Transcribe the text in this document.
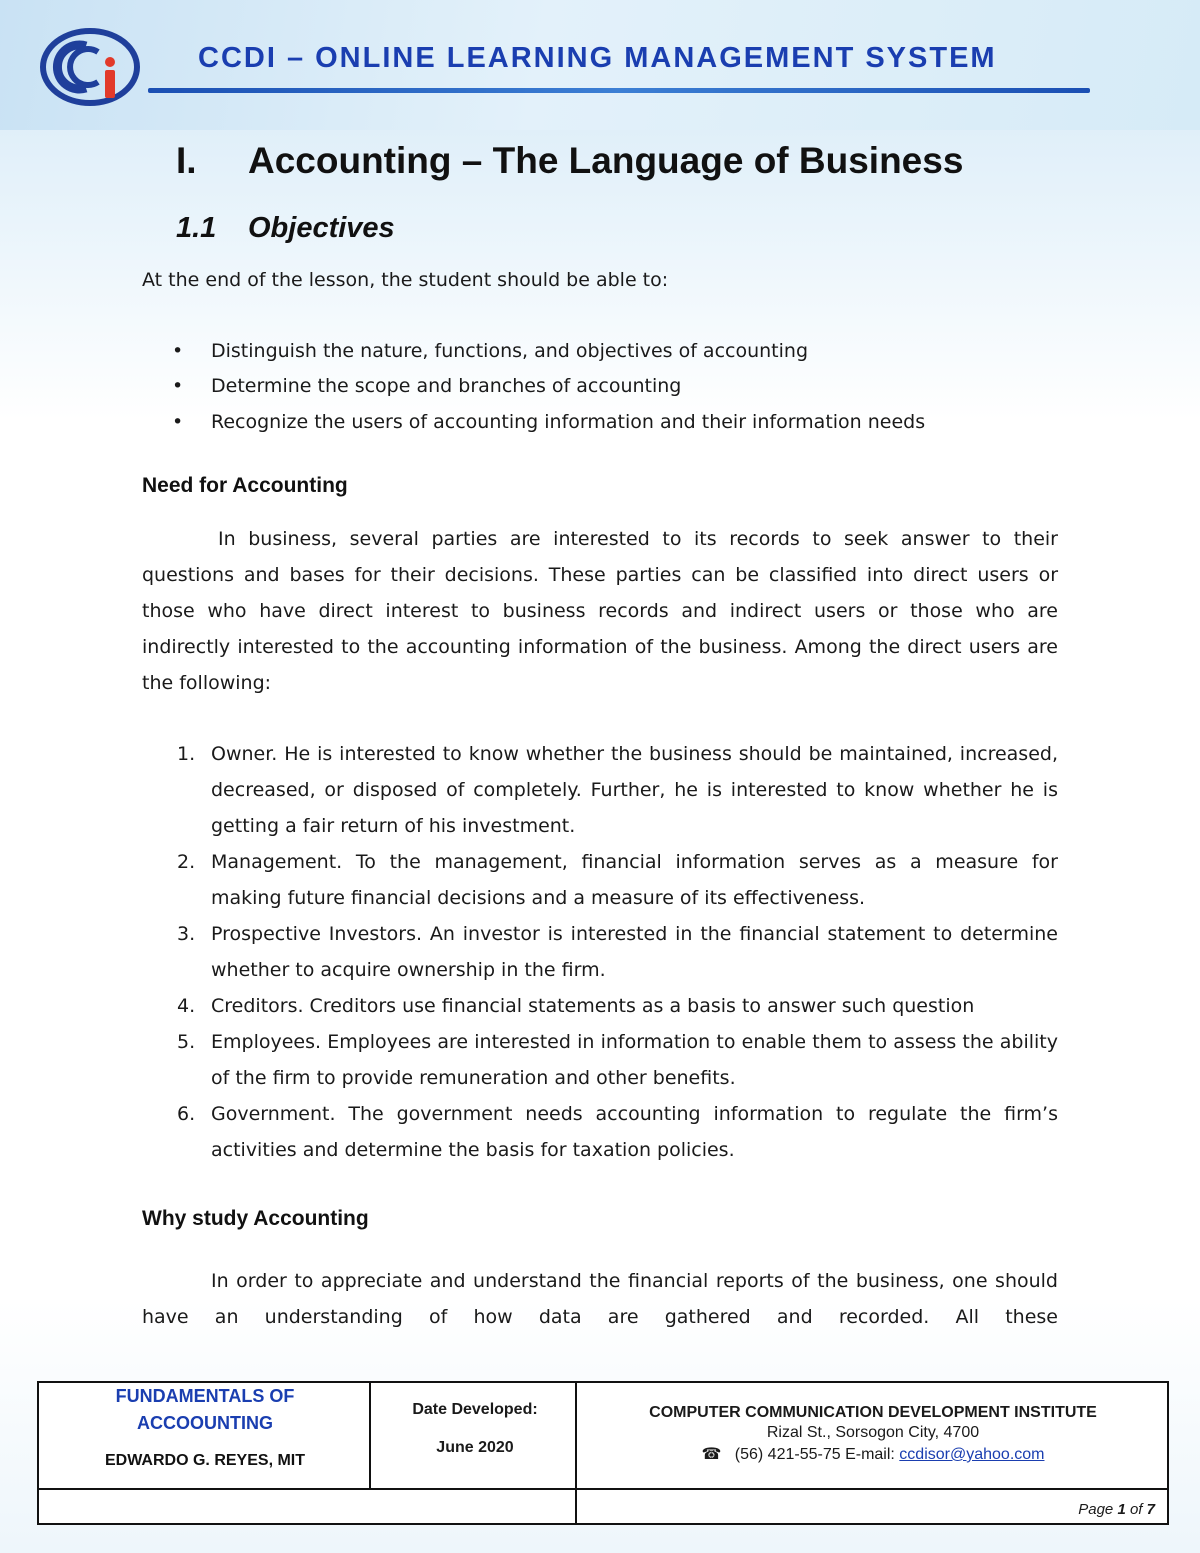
CCDI – ONLINE LEARNING MANAGEMENT SYSTEM
I. Accounting – The Language of Business
1.1 Objectives
At the end of the lesson, the student should be able to:
• Distinguish the nature, functions, and objectives of accounting
• Determine the scope and branches of accounting
• Recognize the users of accounting information and their information needs
Need for Accounting
In business, several parties are interested to its records to seek answer to their questions and bases for their decisions. These parties can be classified into direct users or those who have direct interest to business records and indirect users or those who are indirectly interested to the accounting information of the business. Among the direct users are the following:
1. Owner. He is interested to know whether the business should be maintained, increased, decreased, or disposed of completely. Further, he is interested to know whether he is getting a fair return of his investment.
2. Management. To the management, financial information serves as a measure for making future financial decisions and a measure of its effectiveness.
3. Prospective Investors. An investor is interested in the financial statement to determine whether to acquire ownership in the firm.
4. Creditors. Creditors use financial statements as a basis to answer such question
5. Employees. Employees are interested in information to enable them to assess the ability of the firm to provide remuneration and other benefits.
6. Government. The government needs accounting information to regulate the firm’s activities and determine the basis for taxation policies.
Why study Accounting
In order to appreciate and understand the financial reports of the business, one should have an understanding of how data are gathered and recorded. All these
FUNDAMENTALS OF
ACCOOUNTING
EDWARDO G. REYES, MIT
Date Developed:
June 2020
COMPUTER COMMUNICATION DEVELOPMENT INSTITUTE
Rizal St., Sorsogon City, 4700
☎ (56) 421-55-75 E-mail: ccdisor@yahoo.com
Page 1 of 7
